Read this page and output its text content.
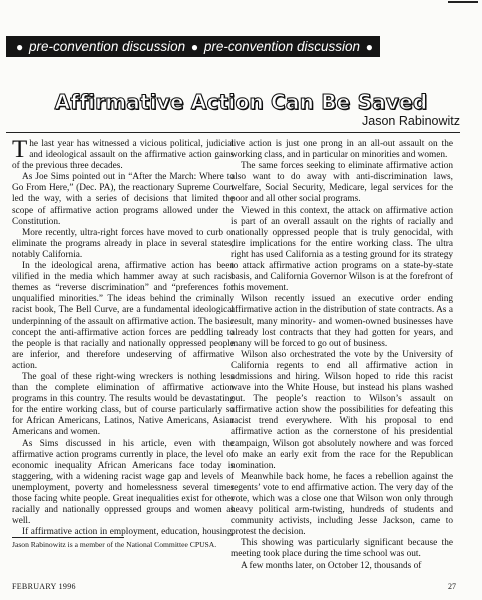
● pre-convention discussion ● pre-convention discussion ●
Affirmative Action Can Be Saved
Jason Rabinowitz

The last year has witnessed a vicious political, judicial and ideological assault on the affirmative action gains of the previous three decades.

As Joe Sims pointed out in “After the March: Where to Go From Here,” (Dec. PA), the reactionary Supreme Court led the way, with a series of decisions that limited the scope of affirmative action programs allowed under the Constitution.

More recently, ultra-right forces have moved to curb or eliminate the programs already in place in several states, notably California.

In the ideological arena, affirmative action has been vilified in the media which hammer away at such racist themes as “reverse discrimination” and “preferences for unqualified minorities.” The ideas behind the criminally racist book, The Bell Curve, are a fundamental ideological underpinning of the assault on affirmative action. The basic concept the anti-affirmative action forces are peddling to the people is that racially and nationally oppressed people are inferior, and therefore undeserving of affirmative action.

The goal of these right-wing wreckers is nothing less than the complete elimination of affirmative action programs in this country. The results would be devastating for the entire working class, but of course particularly so for African Americans, Latinos, Native Americans, Asian Americans and women.

As Sims discussed in his article, even with the affirmative action programs currently in place, the level of economic inequality African Americans face today is staggering, with a widening racist wage gap and levels of unemployment, poverty and homelessness several times those facing white people. Great inequalities exist for other racially and nationally oppressed groups and women as well.

If affirmative action in employment, education, housing,

Jason Rabinowitz is a member of the National Committee CPUSA.

tive action is just one prong in an all-out assault on the working class, and in particular on minorities and women.

The same forces seeking to eliminate affirmative action also want to do away with anti-discrimination laws, welfare, Social Security, Medicare, legal services for the poor and all other social programs.

Viewed in this context, the attack on affirmative action is part of an overall assault on the rights of racially and nationally oppressed people that is truly genocidal, with dire implications for the entire working class. The ultra right has used California as a testing ground for its strategy to attack affirmative action programs on a state-by-state basis, and California Governor Wilson is at the forefront of this movement.

Wilson recently issued an executive order ending affirmative action in the distribution of state contracts. As a result, many minority- and women-owned businesses have already lost contracts that they had gotten for years, and many will be forced to go out of business.

Wilson also orchestrated the vote by the University of California regents to end all affirmative action in admissions and hiring. Wilson hoped to ride this racist wave into the White House, but instead his plans washed out. The people’s reaction to Wilson’s assault on affirmative action show the possibilities for defeating this racist trend everywhere. With his proposal to end affirmative action as the cornerstone of his presidential campaign, Wilson got absolutely nowhere and was forced to make an early exit from the race for the Republican nomination.

Meanwhile back home, he faces a rebellion against the regents’ vote to end affirmative action. The very day of the vote, which was a close one that Wilson won only through heavy political arm-twisting, hundreds of students and community activists, including Jesse Jackson, came to protest the decision.

This showing was particularly significant because the meeting took place during the time school was out.

A few months later, on October 12, thousands of

FEBRUARY 1996	27
